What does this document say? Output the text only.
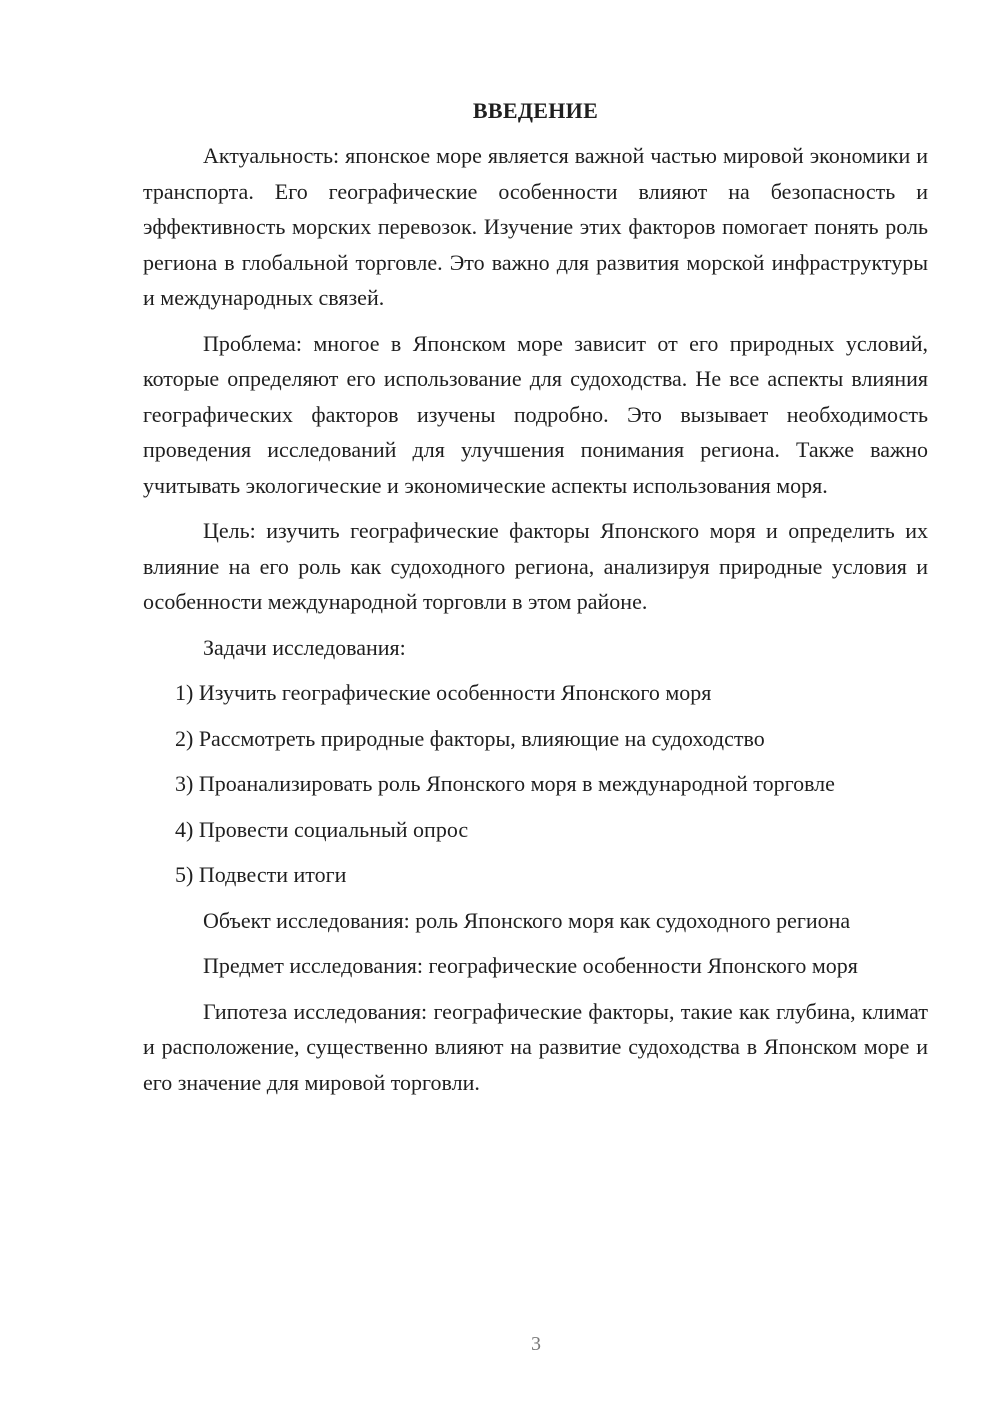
ВВЕДЕНИЕ

Актуальность: японское море является важной частью мировой экономики и транспорта. Его географические особенности влияют на безопасность и эффективность морских перевозок. Изучение этих факторов помогает понять роль региона в глобальной торговле. Это важно для развития морской инфраструктуры и международных связей.

Проблема: многое в Японском море зависит от его природных условий, которые определяют его использование для судоходства. Не все аспекты влияния географических факторов изучены подробно. Это вызывает необходимость проведения исследований для улучшения понимания региона. Также важно учитывать экологические и экономические аспекты использования моря.

Цель: изучить географические факторы Японского моря и определить их влияние на его роль как судоходного региона, анализируя природные условия и особенности международной торговли в этом районе.

Задачи исследования:

1) Изучить географические особенности Японского моря

2) Рассмотреть природные факторы, влияющие на судоходство

3) Проанализировать роль Японского моря в международной торговле

4) Провести социальный опрос

5) Подвести итоги

Объект исследования: роль Японского моря как судоходного региона

Предмет исследования: географические особенности Японского моря

Гипотеза исследования: географические факторы, такие как глубина, климат и расположение, существенно влияют на развитие судоходства в Японском море и его значение для мировой торговли.

3
